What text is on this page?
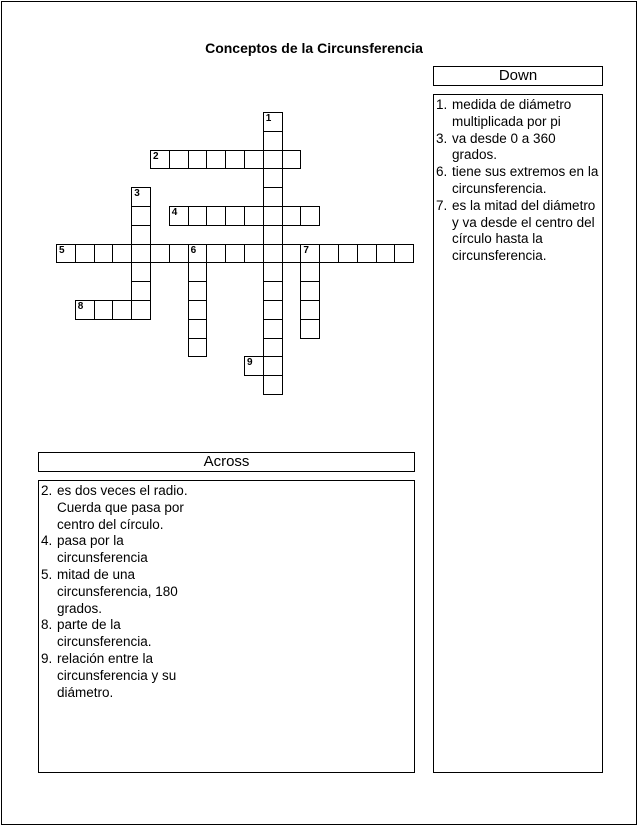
Conceptos de la Circunsferencia
1
2
3
4
5	6	7
8
9
Down
1. medida de diámetro multiplicada por pi
3. va desde 0 a 360 grados.
6. tiene sus extremos en la circunsferencia.
7. es la mitad del diámetro y va desde el centro del círculo hasta la circunsferencia.
Across
2. es dos veces el radio. Cuerda que pasa por centro del círculo.
4. pasa por la circunsferencia
5. mitad de una circunsferencia, 180 grados.
8. parte de la circunsferencia.
9. relación entre la circunsferencia y su diámetro.
